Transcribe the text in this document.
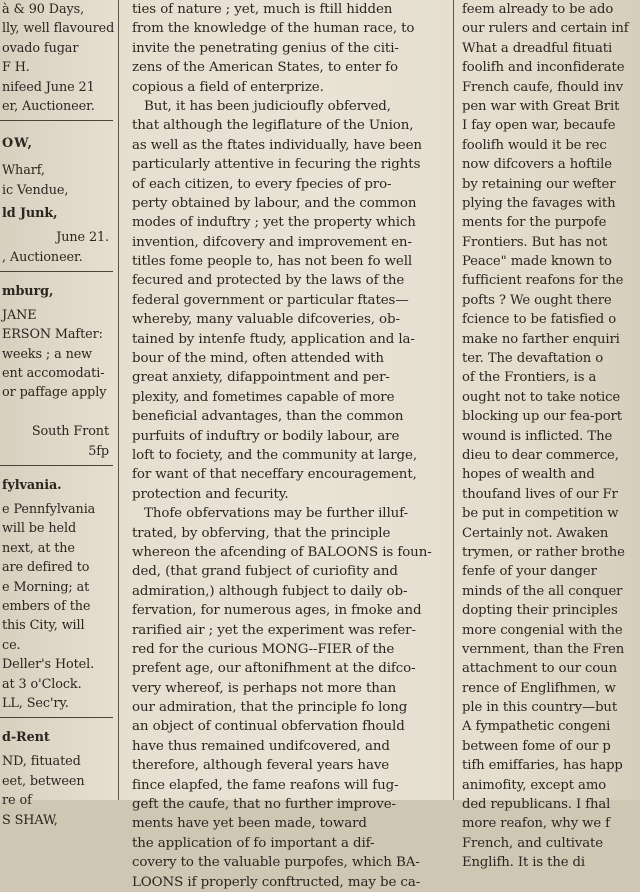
à & 90 Days,
lly, well flavoured
ovado fugar
F H.
nifeed June 21
er, Auctioneer.
OW,
Wharf,
ic Vendue,
ld Junk,
June 21.
, Auctioneer.
mburg,
JANE
ERSON Mafter:
weeks ; a new
ent accomodati-
or paffage apply
South Front
5fp
fylvania.
e Pennfylvania
will be held
next, at the
are defired to
e Morning; at
embers of the
this City, will
ce.
Deller's Hotel.
at 3 o'Clock.
LL, Sec'ry.
d-Rent
ND, fituated
eet, between
re of
S SHAW,
ties of nature ; yet, much is ftill hidden
from the knowledge of the human race, to
invite the penetrating genius of the citi-
zens of the American States, to enter fo
copious a field of enterprize.
But, it has been judicioufly obferved,
that although the legiflature of the Union,
as well as the ftates individually, have been
particularly attentive in fecuring the rights
of each citizen, to every fpecies of pro-
perty obtained by labour, and the common
modes of induftry ; yet the property which
invention, difcovery and improvement en-
titles fome people to, has not been fo well
fecured and protected by the laws of the
federal government or particular ftates—
whereby, many valuable difcoveries, ob-
tained by intenfe ftudy, application and la-
bour of the mind, often attended with
great anxiety, difappointment and per-
plexity, and fometimes capable of more
beneficial advantages, than the common
purfuits of induftry or bodily labour, are
loft to fociety, and the community at large,
for want of that neceffary encouragement,
protection and fecurity.
Thofe obfervations may be further illuf-
trated, by obferving, that the principle
whereon the afcending of BALOONS is foun-
ded, (that grand fubject of curiofity and
admiration,) although fubject to daily ob-
fervation, for numerous ages, in fmoke and
rarified air ; yet the experiment was refer-
red for the curious MONG--FIER of the
prefent age, our aftonifhment at the difco-
very whereof, is perhaps not more than
our admiration, that the principle fo long
an object of continual obfervation fhould
have thus remained undifcovered, and
therefore, although feveral years have
fince elapfed, the fame reafons will fug-
geft the caufe, that no further improve-
ments have yet been made, toward
the application of fo important a dif-
covery to the valuable purpofes, which BA-
LOONS if properly conftructed, may be ca-
feem already to be ado
our rulers and certain inf
What a dreadful fituati
foolifh and inconfiderate
French caufe, fhould inv
pen war with Great Brit
I fay open war, becaufe
foolifh would it be rec
now difcovers a hoftile
by retaining our wefter
plying the favages with
ments for the purpofe
Frontiers. But has not
Peace" made known to
fufficient reafons for the
pofts ? We ought there
fcience to be fatisfied o
make no farther enquiri
ter. The devaftation o
of the Frontiers, is a
ought not to take notice
blocking up our fea-port
wound is inflicted. The
dieu to dear commerce,
hopes of wealth and
thoufand lives of our Fr
be put in competition w
Certainly not. Awaken
trymen, or rather brothe
fenfe of your danger
minds of the all conquer
dopting their principles
more congenial with the
vernment, than the Fren
attachment to our coun
rence of Englifhmen, w
ple in this country—but
A fympathetic congeni
between fome of our p
tifh emiffaries, has happ
animofity, except amo
ded republicans. I fhal
more reafon, why we f
French, and cultivate
Englifh. It is the di
